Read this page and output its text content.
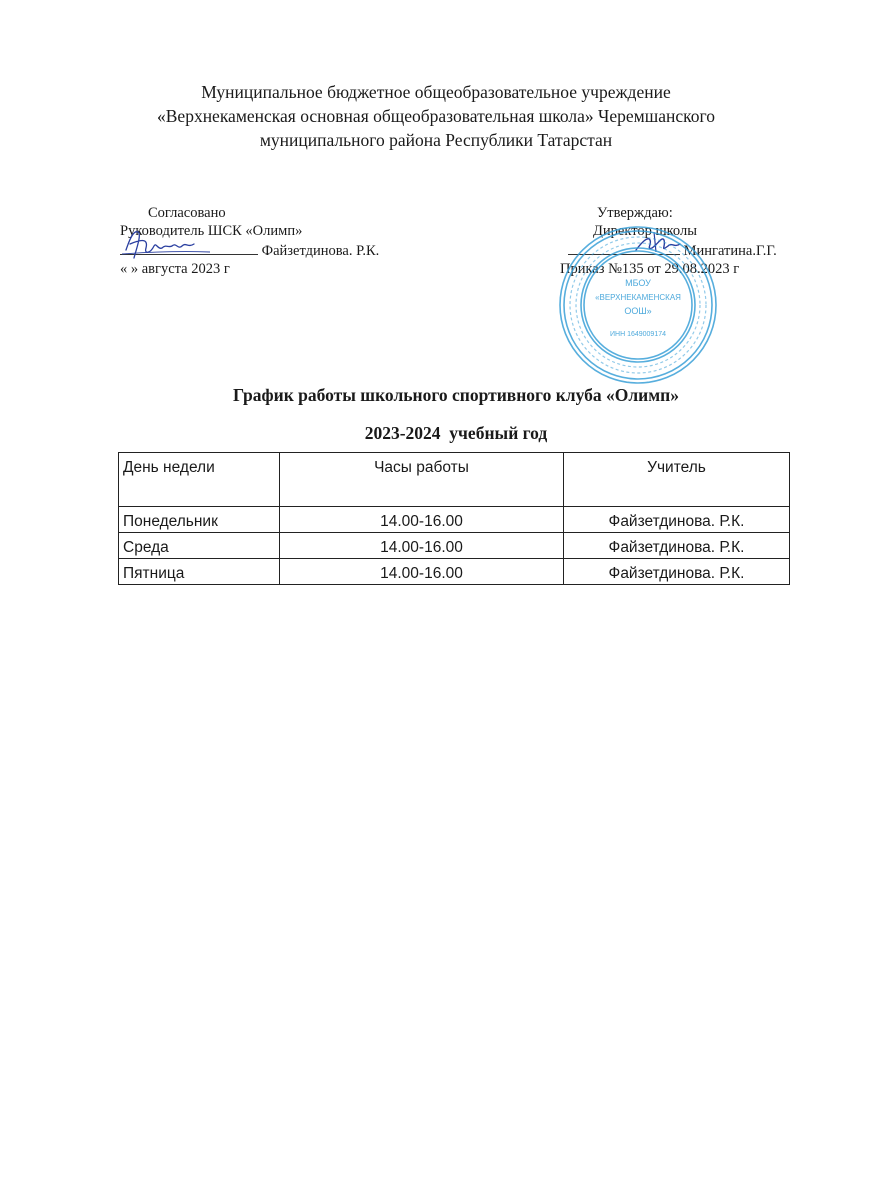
Муниципальное бюджетное общеобразовательное учреждение
«Верхнекаменская основная общеобразовательная школа» Черемшанского
муниципального района Республики Татарстан
Согласовано
Руководитель ШСК «Олимп»
Файзетдинова. Р.К.
« » августа 2023 г
Утверждаю:
Директор школы
Мингатина.Г.Г.
Приказ №135 от 29.08.2023 г
МБОУ
«ВЕРХНЕКАМЕНСКАЯ
ООШ»
ИНН 1649009174
График работы школьного спортивного клуба «Олимп»
2023-2024  учебный год
День недели	Часы работы	Учитель
Понедельник	14.00-16.00	Файзетдинова. Р.К.
Среда	14.00-16.00	Файзетдинова. Р.К.
Пятница	14.00-16.00	Файзетдинова. Р.К.
